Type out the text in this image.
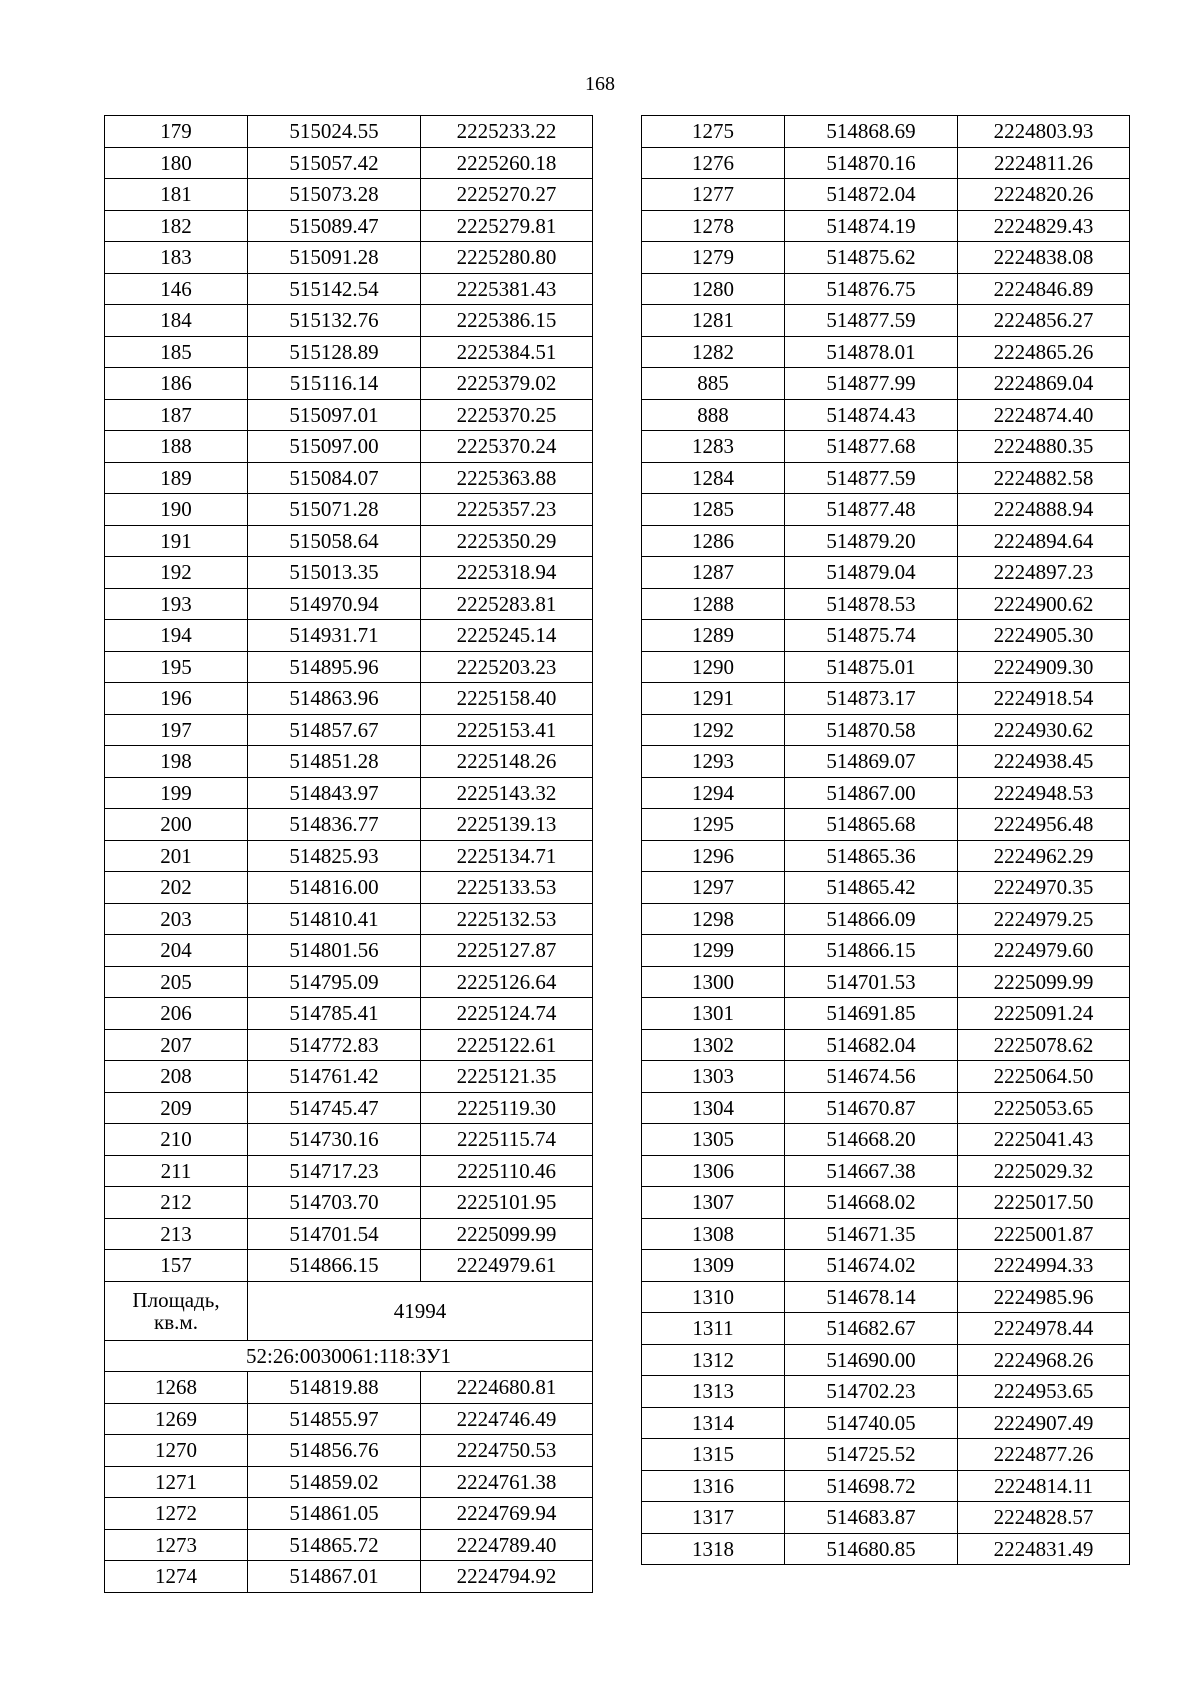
168
179	515024.55	2225233.22
180	515057.42	2225260.18
181	515073.28	2225270.27
182	515089.47	2225279.81
183	515091.28	2225280.80
146	515142.54	2225381.43
184	515132.76	2225386.15
185	515128.89	2225384.51
186	515116.14	2225379.02
187	515097.01	2225370.25
188	515097.00	2225370.24
189	515084.07	2225363.88
190	515071.28	2225357.23
191	515058.64	2225350.29
192	515013.35	2225318.94
193	514970.94	2225283.81
194	514931.71	2225245.14
195	514895.96	2225203.23
196	514863.96	2225158.40
197	514857.67	2225153.41
198	514851.28	2225148.26
199	514843.97	2225143.32
200	514836.77	2225139.13
201	514825.93	2225134.71
202	514816.00	2225133.53
203	514810.41	2225132.53
204	514801.56	2225127.87
205	514795.09	2225126.64
206	514785.41	2225124.74
207	514772.83	2225122.61
208	514761.42	2225121.35
209	514745.47	2225119.30
210	514730.16	2225115.74
211	514717.23	2225110.46
212	514703.70	2225101.95
213	514701.54	2225099.99
157	514866.15	2224979.61

Площадь,
кв.м.	41994	
52:26:0030061:118:ЗУ1		
1268	514819.88	2224680.81
1269	514855.97	2224746.49
1270	514856.76	2224750.53
1271	514859.02	2224761.38
1272	514861.05	2224769.94
1273	514865.72	2224789.40
1274	514867.01	2224794.92
1275	514868.69	2224803.93
1276	514870.16	2224811.26
1277	514872.04	2224820.26
1278	514874.19	2224829.43
1279	514875.62	2224838.08
1280	514876.75	2224846.89
1281	514877.59	2224856.27
1282	514878.01	2224865.26
885	514877.99	2224869.04
888	514874.43	2224874.40
1283	514877.68	2224880.35
1284	514877.59	2224882.58
1285	514877.48	2224888.94
1286	514879.20	2224894.64
1287	514879.04	2224897.23
1288	514878.53	2224900.62
1289	514875.74	2224905.30
1290	514875.01	2224909.30
1291	514873.17	2224918.54
1292	514870.58	2224930.62
1293	514869.07	2224938.45
1294	514867.00	2224948.53
1295	514865.68	2224956.48
1296	514865.36	2224962.29
1297	514865.42	2224970.35
1298	514866.09	2224979.25
1299	514866.15	2224979.60
1300	514701.53	2225099.99
1301	514691.85	2225091.24
1302	514682.04	2225078.62
1303	514674.56	2225064.50
1304	514670.87	2225053.65
1305	514668.20	2225041.43
1306	514667.38	2225029.32
1307	514668.02	2225017.50
1308	514671.35	2225001.87
1309	514674.02	2224994.33
1310	514678.14	2224985.96
1311	514682.67	2224978.44
1312	514690.00	2224968.26
1313	514702.23	2224953.65
1314	514740.05	2224907.49
1315	514725.52	2224877.26
1316	514698.72	2224814.11
1317	514683.87	2224828.57
1318	514680.85	2224831.49
